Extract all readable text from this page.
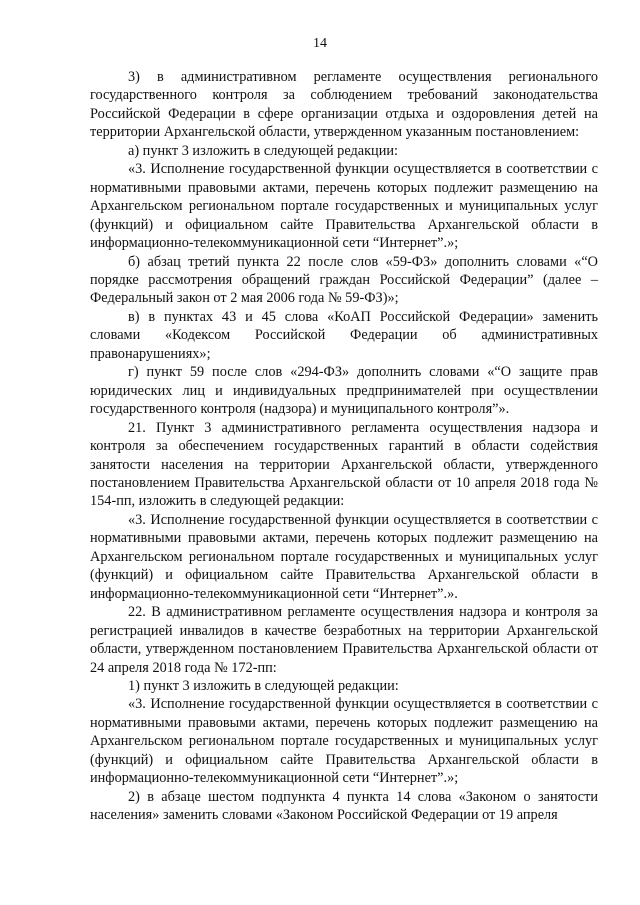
14

3) в административном регламенте осуществления регионального государственного контроля за соблюдением требований законодательства Российской Федерации в сфере организации отдыха и оздоровления детей на территории Архангельской области, утвержденном указанным постановлением:

а) пункт 3 изложить в следующей редакции:

«3. Исполнение государственной функции осуществляется в соответствии с нормативными правовыми актами, перечень которых подлежит размещению на Архангельском региональном портале государственных и муниципальных услуг (функций) и официальном сайте Правительства Архангельской области в информационно-телекоммуникационной сети “Интернет”.»;

б) абзац третий пункта 22 после слов «59-ФЗ» дополнить словами «“О порядке рассмотрения обращений граждан Российской Федерации” (далее – Федеральный закон от 2 мая 2006 года № 59-ФЗ)»;

в) в пунктах 43 и 45 слова «КоАП Российской Федерации» заменить словами «Кодексом Российской Федерации об административных правонарушениях»;

г) пункт 59 после слов «294-ФЗ» дополнить словами «“О защите прав юридических лиц и индивидуальных предпринимателей при осуществлении государственного контроля (надзора) и муниципального контроля”».

21. Пункт 3 административного регламента осуществления надзора и контроля за обеспечением государственных гарантий в области содействия занятости населения на территории Архангельской области, утвержденного постановлением Правительства Архангельской области от 10 апреля 2018 года № 154-пп, изложить в следующей редакции:

«3. Исполнение государственной функции осуществляется в соответствии с нормативными правовыми актами, перечень которых подлежит размещению на Архангельском региональном портале государственных и муниципальных услуг (функций) и официальном сайте Правительства Архангельской области в информационно-телекоммуникационной сети “Интернет”.».

22. В административном регламенте осуществления надзора и контроля за регистрацией инвалидов в качестве безработных на территории Архангельской области, утвержденном постановлением Правительства Архангельской области от 24 апреля 2018 года № 172-пп:

1) пункт 3 изложить в следующей редакции:

«3. Исполнение государственной функции осуществляется в соответствии с нормативными правовыми актами, перечень которых подлежит размещению на Архангельском региональном портале государственных и муниципальных услуг (функций) и официальном сайте Правительства Архангельской области в информационно-телекоммуникационной сети “Интернет”.»;

2) в абзаце шестом подпункта 4 пункта 14 слова «Законом о занятости населения» заменить словами «Законом Российской Федерации от 19 апреля
